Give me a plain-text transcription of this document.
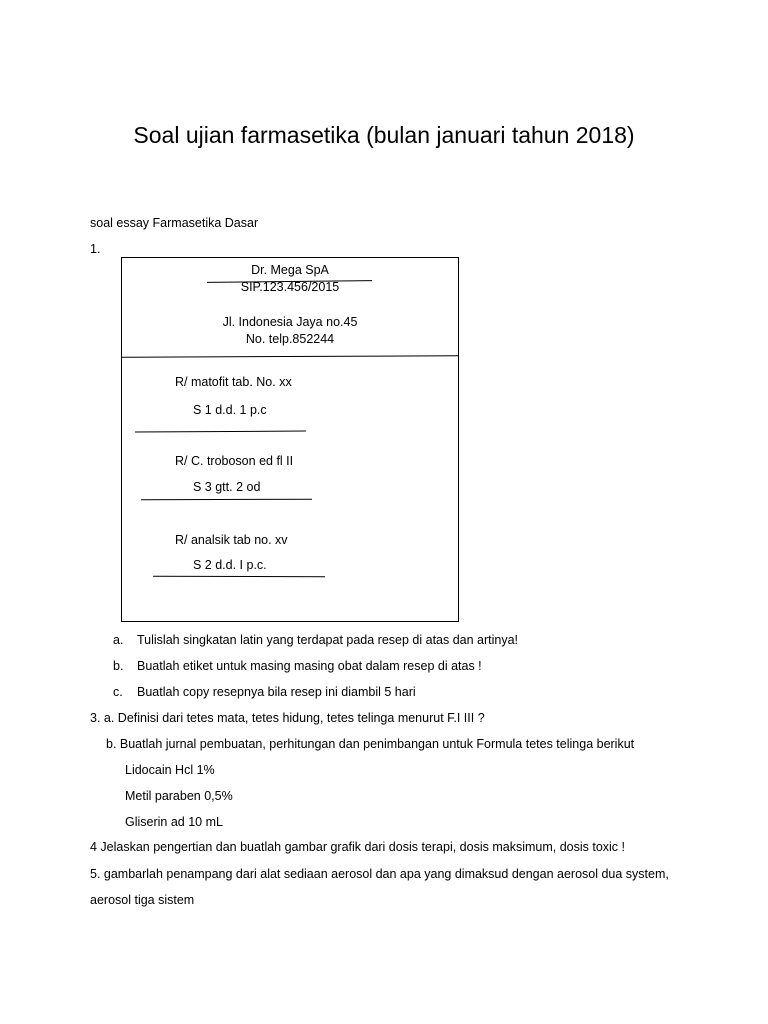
Soal ujian farmasetika (bulan januari tahun 2018)
soal essay Farmasetika Dasar
1.
Dr. Mega SpA
SIP.123.456/2015
Jl. Indonesia Jaya no.45
No. telp.852244
R/ matofit tab. No. xx
S 1 d.d. 1 p.c
R/ C. troboson ed fl II
S 3 gtt. 2 od
R/ analsik tab no. xv
S 2 d.d. I p.c.
a. Tulislah singkatan latin yang terdapat pada resep di atas dan artinya!
b. Buatlah etiket untuk masing masing obat dalam resep di atas !
c. Buatlah copy resepnya bila resep ini diambil 5 hari
3. a. Definisi dari tetes mata, tetes hidung, tetes telinga menurut F.I III ?
b. Buatlah jurnal pembuatan, perhitungan dan penimbangan untuk Formula tetes telinga berikut
Lidocain Hcl 1%
Metil paraben 0,5%
Gliserin ad 10 mL
4 Jelaskan pengertian dan buatlah gambar grafik dari dosis terapi, dosis maksimum, dosis toxic !
5. gambarlah penampang dari alat sediaan aerosol dan apa yang dimaksud dengan aerosol dua system,
aerosol tiga sistem
